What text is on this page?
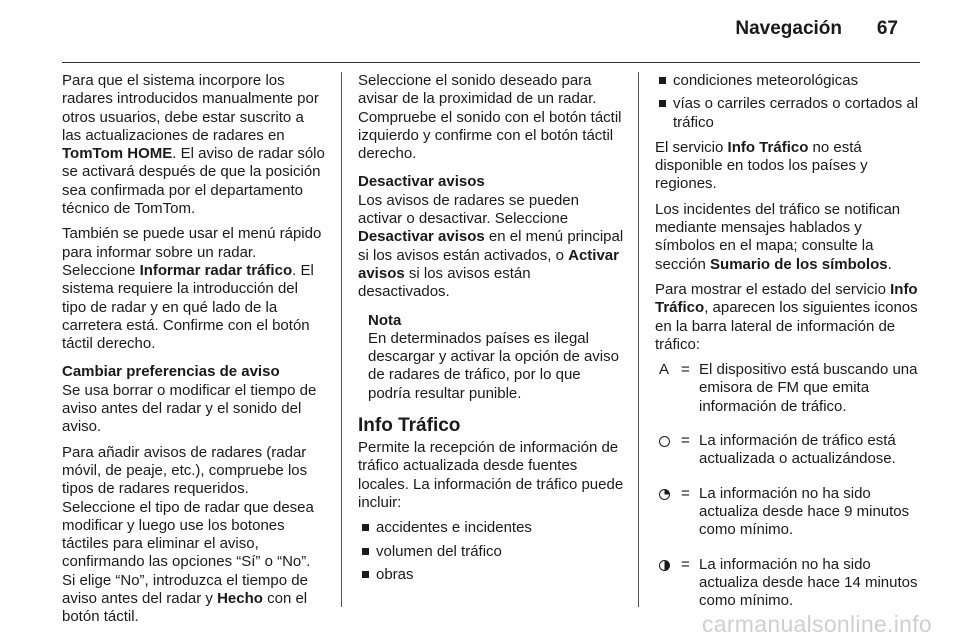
Navegación 67

Para que el sistema incorpore los radares introducidos manualmente por otros usuarios, debe estar suscrito a las actualizaciones de radares en TomTom HOME. El aviso de radar sólo se activará después de que la posición sea confirmada por el departamento técnico de TomTom.

También se puede usar el menú rápido para informar sobre un radar. Seleccione Informar radar tráfico. El sistema requiere la introducción del tipo de radar y en qué lado de la carretera está. Confirme con el botón táctil derecho.

Cambiar preferencias de aviso

Se usa borrar o modificar el tiempo de aviso antes del radar y el sonido del aviso.

Para añadir avisos de radares (radar móvil, de peaje, etc.), compruebe los tipos de radares requeridos. Seleccione el tipo de radar que desea modificar y luego use los botones táctiles para eliminar el aviso, confirmando las opciones “Sí” o “No”. Si elige “No”, introduzca el tiempo de aviso antes del radar y Hecho con el botón táctil.

Seleccione el sonido deseado para avisar de la proximidad de un radar. Compruebe el sonido con el botón táctil izquierdo y confirme con el botón táctil derecho.

Desactivar avisos

Los avisos de radares se pueden activar o desactivar. Seleccione Desactivar avisos en el menú principal si los avisos están activados, o Activar avisos si los avisos están desactivados.

Nota
En determinados países es ilegal descargar y activar la opción de aviso de radares de tráfico, por lo que podría resultar punible.
Info Tráfico

Permite la recepción de información de tráfico actualizada desde fuentes locales. La información de tráfico puede incluir:

accidentes e incidentes
volumen del tráfico
obras
condiciones meteorológicas
vías o carriles cerrados o cortados al tráfico

El servicio Info Tráfico no está disponible en todos los países y regiones.

Los incidentes del tráfico se notifican mediante mensajes hablados y símbolos en el mapa; consulte la sección Sumario de los símbolos.

Para mostrar el estado del servicio Info Tráfico, aparecen los siguientes iconos en la barra lateral de información de tráfico:

A = El dispositivo está buscando una emisora de FM que emita información de tráfico.
= La información de tráfico está actualizada o actualizándose.
= La información no ha sido actualiza desde hace 9 minutos como mínimo.
= La información no ha sido actualiza desde hace 14 minutos como mínimo.
carmanualsonline.info
